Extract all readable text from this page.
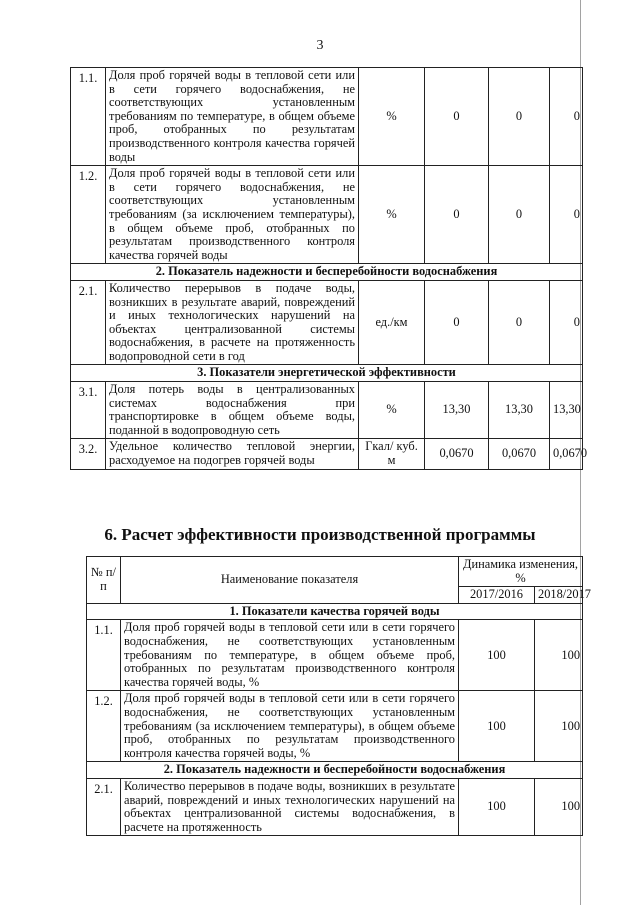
3
1.1.	Доля проб горячей воды в тепловой сети или в сети горячего водоснабжения, не соответствующих установленным требованиям по температуре, в общем объеме проб, отобранных по результатам производственного контроля качества горячей воды	%	0	0	0
1.2.	Доля проб горячей воды в тепловой сети или в сети горячего водоснабжения, не соответствующих установленным требованиям (за исключением температуры), в общем объеме проб, отобранных по результатам производственного контроля качества горячей воды	%	0	0	0
2. Показатель надежности и бесперебойности водоснабжения					
2.1.	Количество перерывов в подаче воды, возникших в результате аварий, повреждений и иных технологических нарушений на объектах централизованной системы водоснабжения, в расчете на протяженность водопроводной сети в год	ед./км	0	0	0
3. Показатели энергетической эффективности					
3.1.	Доля потерь воды в централизованных системах водоснабжения при транспортировке в общем объеме воды, поданной в водопроводную сеть	%	13,30	13,30	13,30
3.2.	Удельное количество тепловой энергии, расходуемое на подогрев горячей воды	Гкал/ куб. м	0,0670	0,0670	0,0670
6. Расчет эффективности производственной программы
№ п/п	Наименование показателя	Динамика изменения, %	
		2017/2016	2018/2017
1. Показатели качества горячей воды			
1.1.	Доля проб горячей воды в тепловой сети или в сети горячего водоснабжения, не соответствующих установленным требованиям по температуре, в общем объеме проб, отобранных по результатам производственного контроля качества горячей воды, %	100	100
1.2.	Доля проб горячей воды в тепловой сети или в сети горячего водоснабжения, не соответствующих установленным требованиям (за исключением температуры), в общем объеме проб, отобранных по результатам производственного контроля качества горячей воды, %	100	100
2. Показатель надежности и бесперебойности водоснабжения			
2.1.	Количество перерывов в подаче воды, возникших в результате аварий, повреждений и иных технологических нарушений на объектах централизованной системы водоснабжения, в расчете на протяженность	100	100
